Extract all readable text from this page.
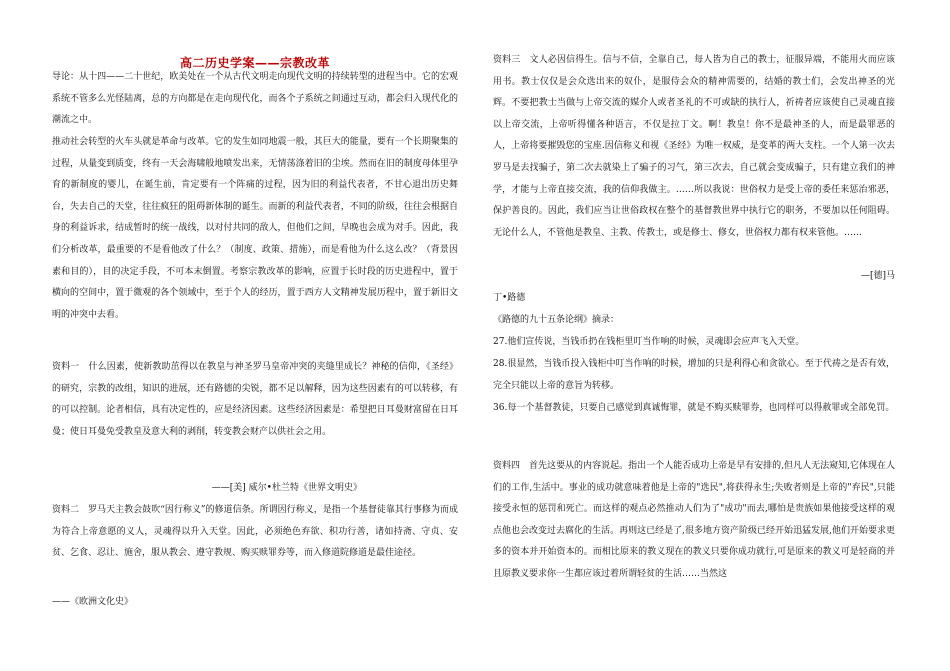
高二历史学案——宗教改革

导论：从十四——二十世纪，欧美处在一个从古代文明走向现代文明的持续转型的进程当中。它的宏观系统不管多么光怪陆离，总的方向都是在走向现代化，而各个子系统之间通过互动，都会归入现代化的潮流之中。

推动社会转型的火车头就是革命与改革。它的发生如同地震一般，其巨大的能量，要有一个长期聚集的过程，从量变到质变，终有一天会海啸般地喷发出来，无情荡涤着旧的尘埃。然而在旧的制度母体里孕育的新制度的婴儿，在诞生前，肯定要有一个阵痛的过程，因为旧的利益代表者，不甘心退出历史舞台，失去自己的天堂，往往疯狂的阻碍新体制的诞生。而新的利益代表者，不同的阶级，往往会根据自身的利益诉求，结成暂时的统一战线，以对付共同的敌人，但他们之间，早晚也会成为对手。因此，我们分析改革，最重要的不是看他改了什么？（制度、政策、措施），而是看他为什么这么改？（背景因素和目的），目的决定手段，不可本末倒置。考察宗教改革的影响，应置于长时段的历史进程中，置于横向的空间中，置于微观的各个领域中，至于个人的经历，置于西方人文精神发展历程中，置于新旧文明的冲突中去看。

资料一　什么因素，使新教助茁得以在教皇与神圣罗马皇帝冲突的夹缝里成长？神秘的信仰，《圣经》的研究，宗教的改组，知识的进展，还有路德的尖锐，都不足以解释，因为这些因素有的可以转移，有的可以控制。论者相信，具有决定性的，应是经济因素。这些经济因素是：希望把日耳曼财富留在日耳曼；使日耳曼免受教皇及意大利的剥削，转变教会财产以供社会之用。

——[美] 威尔•杜兰特《世界文明史》

资料二　罗马天主教会鼓吹“因行称义”的修道信条。所谓因行称义，是指一个基督徒靠其行事修为而成为符合上帝意愿的义人，灵魂得以升入天堂。因此，必须绝色弃欲、积功行善，诸如持斋、守贞、安贫、乞食、忍让、施舍，服从教会、遵守教规、购买赎罪券等，而入修道院修道是最佳途径。

——《欧洲文化史》

资料三　文人必因信得生。信与不信，全靠自己，每人皆为自己的教士，征服异端，不能用火而应该用书。教士仅仅是会众选出来的奴仆，是服侍会众的精神需要的，结婚的教士们，会发出神圣的光辉。不要把教士当做与上帝交流的媒介人或者圣礼的不可或缺的执行人，祈祷者应该使自己灵魂直接以上帝交流，上帝听得懂各种语言，不仅是拉丁文。啊！教皇！你不是最神圣的人，而是最罪恶的人，上帝将要摧毁您的宝座.因信称义和视《圣经》为唯一权威，是变革的两大支柱。一个人第一次去罗马是去找骗子，第二次去就染上了骗子的习气，第三次去，自己就会变成骗子，只有建立我们的神学，才能与上帝直接交流，我的信仰我做主。……所以我说：世俗权力是受上帝的委任来惩治邪恶，保护善良的。因此，我们应当让世俗政权在整个的基督教世界中执行它的职务，不要加以任何阻碍。无论什么人，不管他是教皇、主教、传教士，或是修士、修女，世俗权力都有权来管他。……

—[德]马

丁•路德

《路德的九十五条论纲》摘录：

27.他们宣传说，当钱币扔在钱柜里叮当作响的时候，灵魂即会应声飞入天堂。

28.很显然，当钱币投入钱柜中叮当作响的时候，增加的只是利得心和贪欲心。至于代祷之是否有效，完全只能以上帝的意旨为转移。

36.每一个基督教徒，只要自己感觉到真诚悔罪，就是不购买赎罪券，也同样可以得赦罪或全部免罚。

资料四　首先这要从的内容说起。指出一个人能否成功上帝是早有安排的,但凡人无法窥知,它体现在人们的工作,生活中。事业的成功就意味着他是上帝的"选民",将获得永生;失败者则是上帝的"弃民",只能接受永恒的惩罚和死亡。而这样的观点必然推动人们为了"成功"而去,哪怕是贵族如果他接受这样的观点他也会改变过去腐化的生活。再则这已经是了,很多地方资产阶级已经开始迅猛发展,他们开始要求更多的资本并开始资本的。而相比原来的教义现在的教义只要你成功就行,可是原来的教义可是轻商的并且原教义要求你一生都应该过着所谓轻贫的生活……当然这
